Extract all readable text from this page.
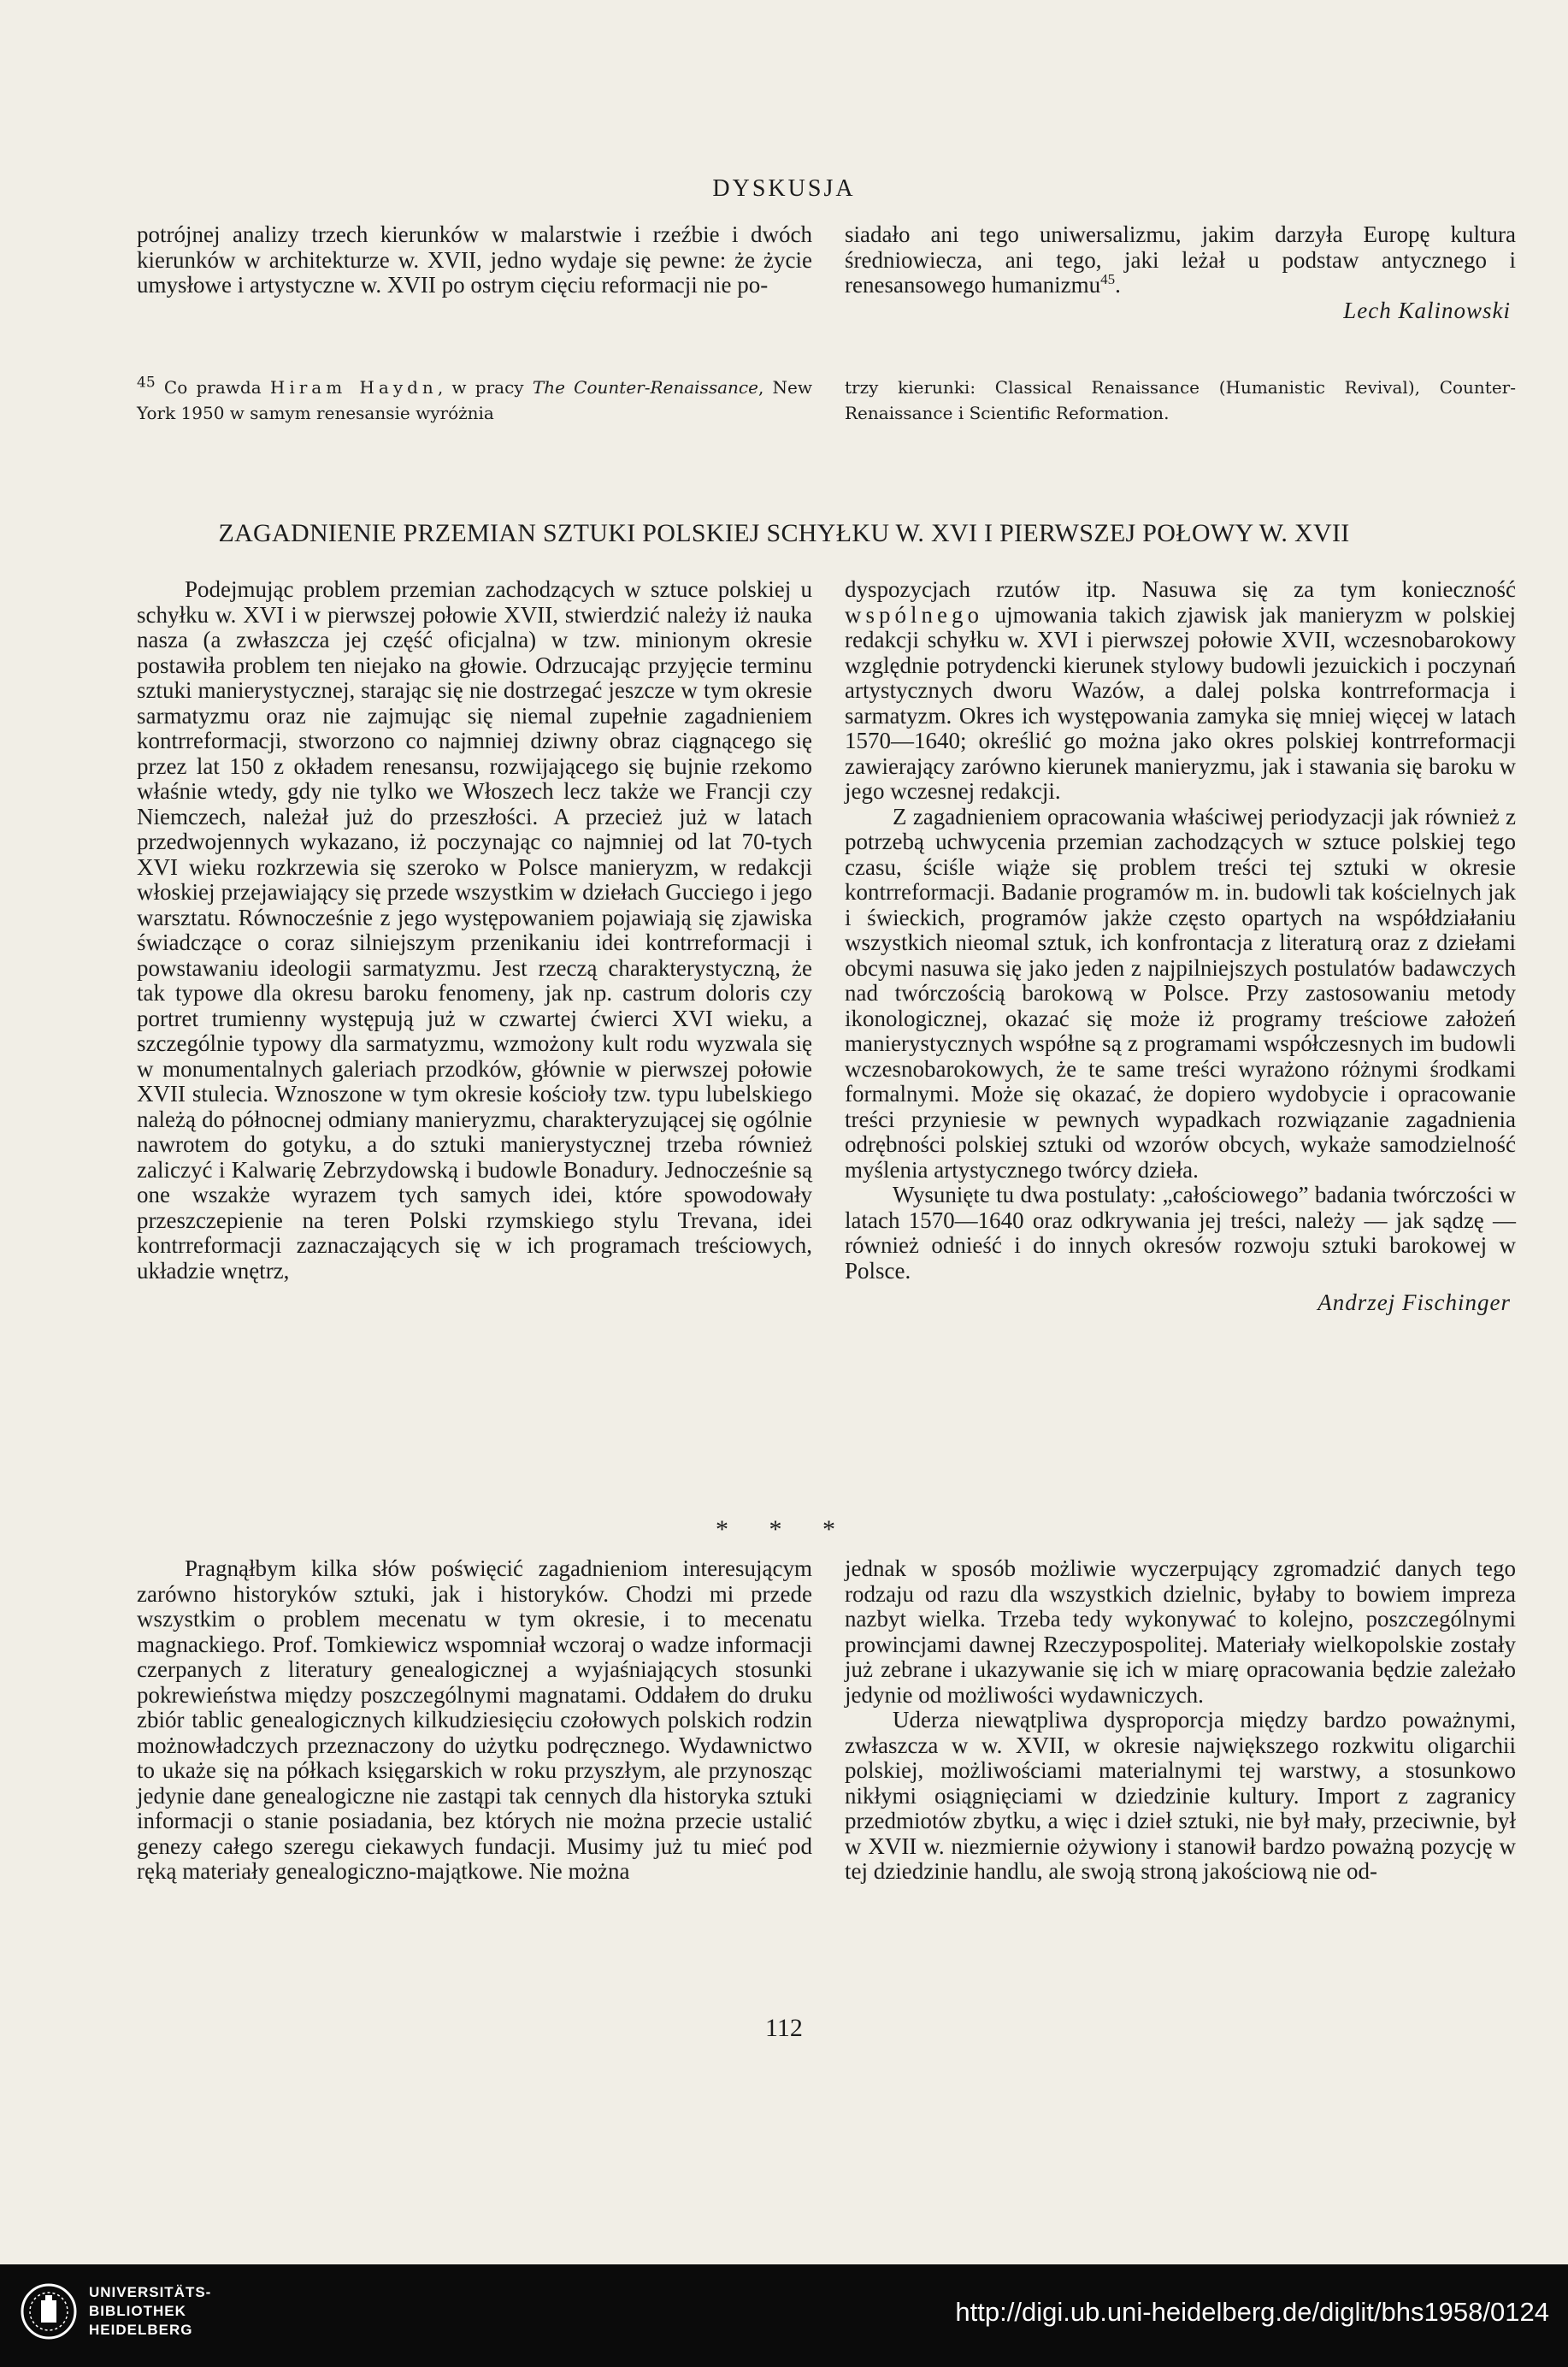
DYSKUSJA

potrójnej analizy trzech kierunków w malarstwie i rzeźbie i dwóch kierunków w architekturze w. XVII, jedno wydaje się pewne: że życie umysłowe i artystyczne w. XVII po ostrym cięciu reformacji nie po-

siadało ani tego uniwersalizmu, jakim darzyła Europę kultura średniowiecza, ani tego, jaki leżał u podstaw antycznego i renesansowego humanizmu$^{45}$.

Lech Kalinowski

$^{45}$ Co prawda Hiram Haydn, w pracy The Counter-Renaissance, New York 1950 w samym renesansie wyróżnia
trzy kierunki: Classical Renaissance (Humanistic Revival), Counter-Renaissance i Scientific Reformation.
ZAGADNIENIE PRZEMIAN SZTUKI POLSKIEJ SCHYŁKU W. XVI I PIERWSZEJ POŁOWY W. XVII

Podejmując problem przemian zachodzących w sztuce polskiej u schyłku w. XVI i w pierwszej połowie XVII, stwierdzić należy iż nauka nasza (a zwłaszcza jej część oficjalna) w tzw. minionym okresie postawiła problem ten niejako na głowie. Odrzucając przyjęcie terminu sztuki manierystycznej, starając się nie dostrzegać jeszcze w tym okresie sarmatyzmu oraz nie zajmując się niemal zupełnie zagadnieniem kontrreformacji, stworzono co najmniej dziwny obraz ciągnącego się przez lat 150 z okładem renesansu, rozwijającego się bujnie rzekomo właśnie wtedy, gdy nie tylko we Włoszech lecz także we Francji czy Niemczech, należał już do przeszłości. A przecież już w latach przedwojennych wykazano, iż poczynając co najmniej od lat 70-tych XVI wieku rozkrzewia się szeroko w Polsce manieryzm, w redakcji włoskiej przejawiający się przede wszystkim w dziełach Gucciego i jego warsztatu. Równocześnie z jego występowaniem pojawiają się zjawiska świadczące o coraz silniejszym przenikaniu idei kontrreformacji i powstawaniu ideologii sarmatyzmu. Jest rzeczą charakterystyczną, że tak typowe dla okresu baroku fenomeny, jak np. castrum doloris czy portret trumienny występują już w czwartej ćwierci XVI wieku, a szczególnie typowy dla sarmatyzmu, wzmożony kult rodu wyzwala się w monumentalnych galeriach przodków, głównie w pierwszej połowie XVII stulecia. Wznoszone w tym okresie kościoły tzw. typu lubelskiego należą do północnej odmiany manieryzmu, charakteryzującej się ogólnie nawrotem do gotyku, a do sztuki manierystycznej trzeba również zaliczyć i Kalwarię Zebrzydowską i budowle Bonadury. Jednocześnie są one wszakże wyrazem tych samych idei, które spowodowały przeszczepienie na teren Polski rzymskiego stylu Trevana, idei kontrreformacji zaznaczających się w ich programach treściowych, układzie wnętrz,

dyspozycjach rzutów itp. Nasuwa się za tym konieczność wspólnego ujmowania takich zjawisk jak manieryzm w polskiej redakcji schyłku w. XVI i pierwszej połowie XVII, wczesnobarokowy względnie potrydencki kierunek stylowy budowli jezuickich i poczynań artystycznych dworu Wazów, a dalej polska kontrreformacja i sarmatyzm. Okres ich występowania zamyka się mniej więcej w latach 1570—1640; określić go można jako okres polskiej kontrreformacji zawierający zarówno kierunek manieryzmu, jak i stawania się baroku w jego wczesnej redakcji.

Z zagadnieniem opracowania właściwej periodyzacji jak również z potrzebą uchwycenia przemian zachodzących w sztuce polskiej tego czasu, ściśle wiąże się problem treści tej sztuki w okresie kontrreformacji. Badanie programów m. in. budowli tak kościelnych jak i świeckich, programów jakże często opartych na współdziałaniu wszystkich nieomal sztuk, ich konfrontacja z literaturą oraz z dziełami obcymi nasuwa się jako jeden z najpilniejszych postulatów badawczych nad twórczością barokową w Polsce. Przy zastosowaniu metody ikonologicznej, okazać się może iż programy treściowe założeń manierystycznych współne są z programami współczesnych im budowli wczesnobarokowych, że te same treści wyrażono różnymi środkami formalnymi. Może się okazać, że dopiero wydobycie i opracowanie treści przyniesie w pewnych wypadkach rozwiązanie zagadnienia odrębności polskiej sztuki od wzorów obcych, wykaże samodzielność myślenia artystycznego twórcy dzieła.

Wysunięte tu dwa postulaty: „całościowego” badania twórczości w latach 1570—1640 oraz odkrywania jej treści, należy — jak sądzę — również odnieść i do innych okresów rozwoju sztuki barokowej w Polsce.

Andrzej Fischinger

* * *

Pragnąłbym kilka słów poświęcić zagadnieniom interesującym zarówno historyków sztuki, jak i historyków. Chodzi mi przede wszystkim o problem mecenatu w tym okresie, i to mecenatu magnackiego. Prof. Tomkiewicz wspomniał wczoraj o wadze informacji czerpanych z literatury genealogicznej a wyjaśniających stosunki pokrewieństwa między poszczególnymi magnatami. Oddałem do druku zbiór tablic genealogicznych kilkudziesięciu czołowych polskich rodzin możnowładczych przeznaczony do użytku podręcznego. Wydawnictwo to ukaże się na półkach księgarskich w roku przyszłym, ale przynosząc jedynie dane genealogiczne nie zastąpi tak cennych dla historyka sztuki informacji o stanie posiadania, bez których nie można przecie ustalić genezy całego szeregu ciekawych fundacji. Musimy już tu mieć pod ręką materiały genealogiczno-majątkowe. Nie można

jednak w sposób możliwie wyczerpujący zgromadzić danych tego rodzaju od razu dla wszystkich dzielnic, byłaby to bowiem impreza nazbyt wielka. Trzeba tedy wykonywać to kolejno, poszczególnymi prowincjami dawnej Rzeczypospolitej. Materiały wielkopolskie zostały już zebrane i ukazywanie się ich w miarę opracowania będzie zależało jedynie od możliwości wydawniczych.

Uderza niewątpliwa dysproporcja między bardzo poważnymi, zwłaszcza w w. XVII, w okresie największego rozkwitu oligarchii polskiej, możliwościami materialnymi tej warstwy, a stosunkowo nikłymi osiągnięciami w dziedzinie kultury. Import z zagranicy przedmiotów zbytku, a więc i dzieł sztuki, nie był mały, przeciwnie, był w XVII w. niezmiernie ożywiony i stanowił bardzo poważną pozycję w tej dziedzinie handlu, ale swoją stroną jakościową nie od-

112
UNIVERSITÄTS-
BIBLIOTHEK
HEIDELBERG
http://digi.ub.uni-heidelberg.de/diglit/bhs1958/0124
